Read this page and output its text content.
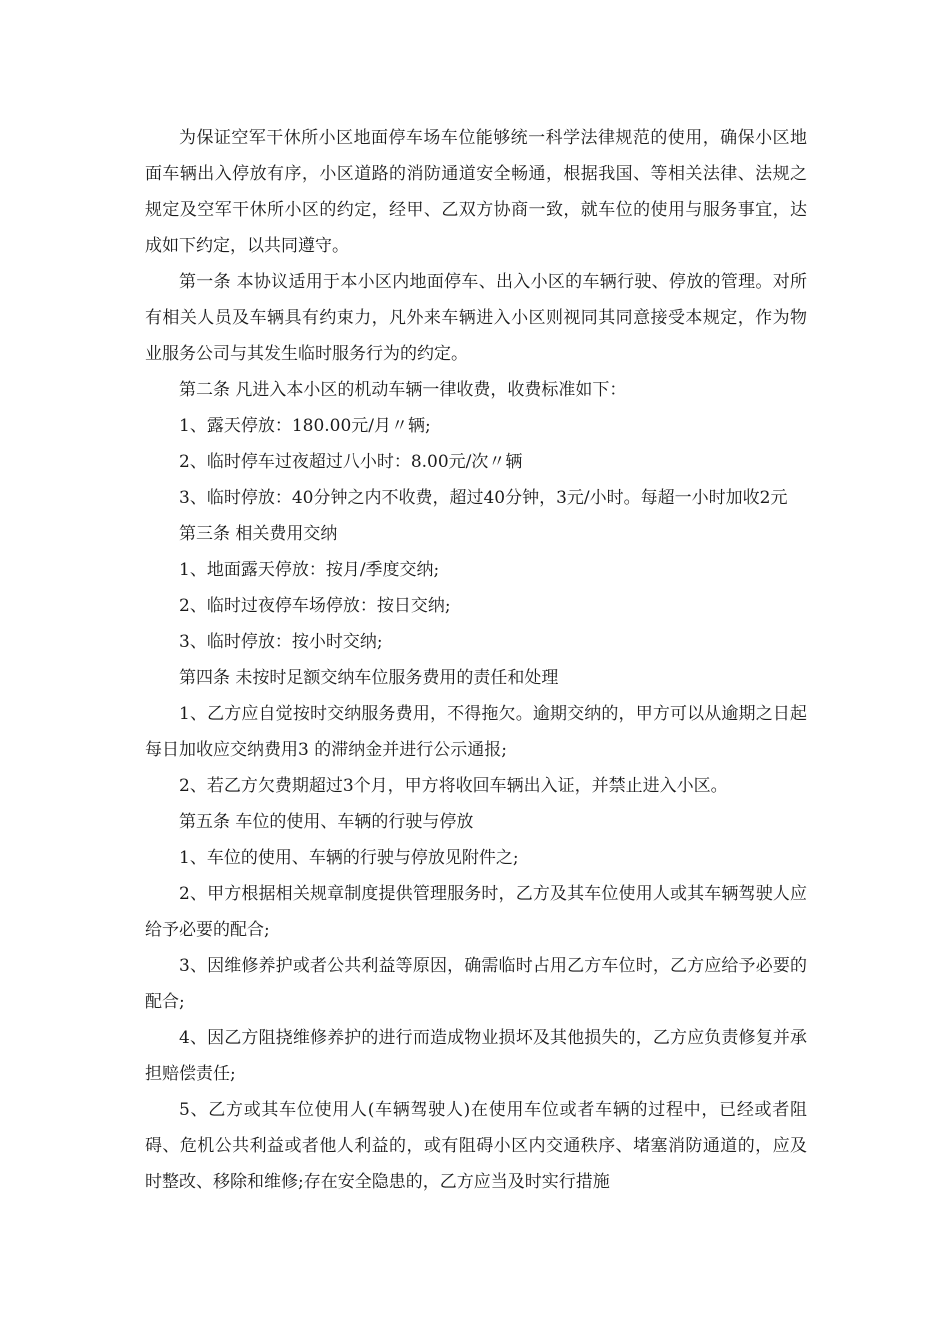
为保证空军干休所小区地面停车场车位能够统一科学法律规范的使用，确保小区地面车辆出入停放有序，小区道路的消防通道安全畅通，根据我国、等相关法律、法规之规定及空军干休所小区的约定，经甲、乙双方协商一致，就车位的使用与服务事宜，达成如下约定，以共同遵守。

第一条 本协议适用于本小区内地面停车、出入小区的车辆行驶、停放的管理。对所有相关人员及车辆具有约束力，凡外来车辆进入小区则视同其同意接受本规定，作为物业服务公司与其发生临时服务行为的约定。

第二条 凡进入本小区的机动车辆一律收费，收费标准如下：

1、露天停放：180.00元/月〃辆;

2、临时停车过夜超过八小时：8.00元/次〃辆

3、临时停放：40分钟之内不收费，超过40分钟，3元/小时。每超一小时加收2元

第三条 相关费用交纳

1、地面露天停放：按月/季度交纳;

2、临时过夜停车场停放：按日交纳;

3、临时停放：按小时交纳;

第四条 未按时足额交纳车位服务费用的责任和处理

1、乙方应自觉按时交纳服务费用，不得拖欠。逾期交纳的，甲方可以从逾期之日起每日加收应交纳费用3 的滞纳金并进行公示通报;

2、若乙方欠费期超过3个月，甲方将收回车辆出入证，并禁止进入小区。

第五条 车位的使用、车辆的行驶与停放

1、车位的使用、车辆的行驶与停放见附件之;

2、甲方根据相关规章制度提供管理服务时，乙方及其车位使用人或其车辆驾驶人应给予必要的配合;

3、因维修养护或者公共利益等原因，确需临时占用乙方车位时，乙方应给予必要的配合;

4、因乙方阻挠维修养护的进行而造成物业损坏及其他损失的，乙方应负责修复并承担赔偿责任;

5、乙方或其车位使用人(车辆驾驶人)在使用车位或者车辆的过程中，已经或者阻碍、危机公共利益或者他人利益的，或有阻碍小区内交通秩序、堵塞消防通道的，应及时整改、移除和维修;存在安全隐患的，乙方应当及时实行措施
